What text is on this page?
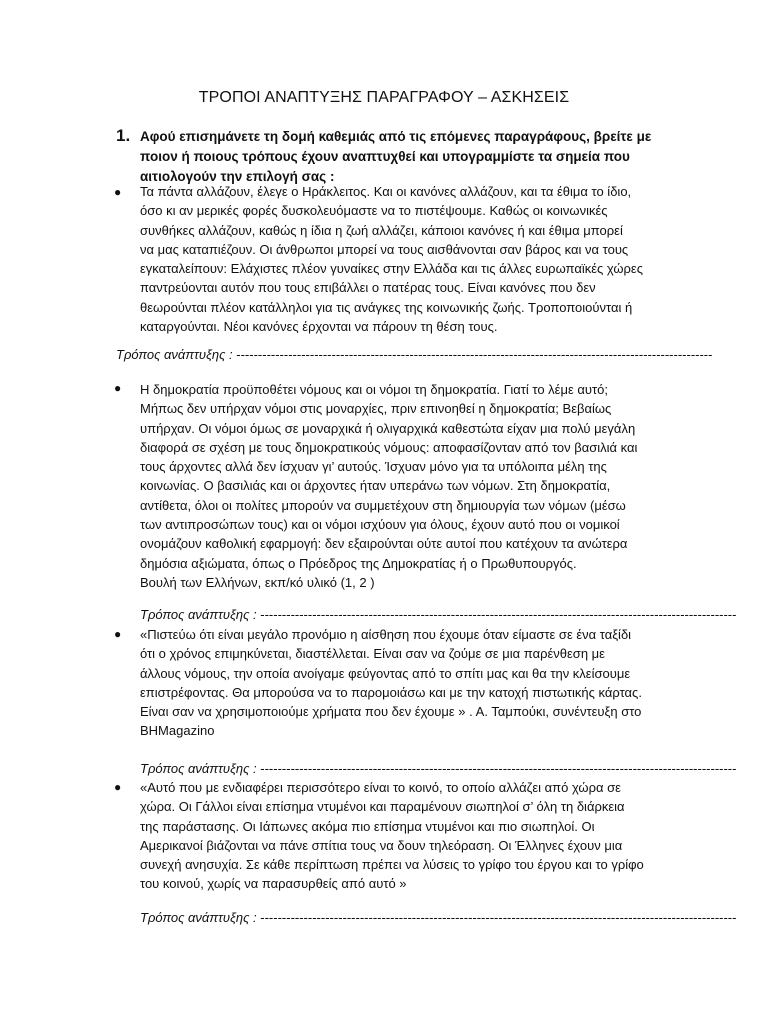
ΤΡΟΠΟΙ ΑΝΑΠΤΥΞΗΣ ΠΑΡΑΓΡΑΦΟΥ – ΑΣΚΗΣΕΙΣ
1. Αφού επισημάνετε τη δομή καθεμιάς από τις επόμενες παραγράφους, βρείτε με
ποιον ή ποιους τρόπους έχουν αναπτυχθεί και υπογραμμίστε τα σημεία που
αιτιολογούν την επιλογή σας :
● Τα πάντα αλλάζουν, έλεγε ο Ηράκλειτος. Και οι κανόνες αλλάζουν, και τα έθιμα το ίδιο,
όσο κι αν μερικές φορές δυσκολευόμαστε να το πιστέψουμε. Καθώς οι κοινωνικές
συνθήκες αλλάζουν, καθώς η ίδια η ζωή αλλάζει, κάποιοι κανόνες ή και έθιμα μπορεί
να μας καταπιέζουν. Οι άνθρωποι μπορεί να τους αισθάνονται σαν βάρος και να τους
εγκαταλείπουν: Ελάχιστες πλέον γυναίκες στην Ελλάδα και τις άλλες ευρωπαϊκές χώρες
παντρεύονται αυτόν που τους επιβάλλει ο πατέρας τους. Είναι κανόνες που δεν
θεωρούνται πλέον κατάλληλοι για τις ανάγκες της κοινωνικής ζωής. Τροποποιούνται ή
καταργούνται. Νέοι κανόνες έρχονται να πάρουν τη θέση τους.
Τρόπος ανάπτυξης : --------------------------------------------------------------------------------------------------------------
● Η δημοκρατία προϋποθέτει νόμους και οι νόμοι τη δημοκρατία. Γιατί το λέμε αυτό;
Μήπως δεν υπήρχαν νόμοι στις μοναρχίες, πριν επινοηθεί η δημοκρατία; Βεβαίως
υπήρχαν. Οι νόμοι όμως σε μοναρχικά ή ολιγαρχικά καθεστώτα είχαν μια πολύ μεγάλη
διαφορά σε σχέση με τους δημοκρατικούς νόμους: αποφασίζονταν από τον βασιλιά και
τους άρχοντες αλλά δεν ίσχυαν γι’ αυτούς. Ίσχυαν μόνο για τα υπόλοιπα μέλη της
κοινωνίας. Ο βασιλιάς και οι άρχοντες ήταν υπεράνω των νόμων. Στη δημοκρατία,
αντίθετα, όλοι οι πολίτες μπορούν να συμμετέχουν στη δημιουργία των νόμων (μέσω
των αντιπροσώπων τους) και οι νόμοι ισχύουν για όλους, έχουν αυτό που οι νομικοί
ονομάζουν καθολική εφαρμογή: δεν εξαιρούνται ούτε αυτοί που κατέχουν τα ανώτερα
δημόσια αξιώματα, όπως ο Πρόεδρος της Δημοκρατίας ή ο Πρωθυπουργός.
Βουλή των Ελλήνων, εκπ/κό υλικό (1, 2 )
Τρόπος ανάπτυξης : --------------------------------------------------------------------------------------------------------------
● «Πιστεύω ότι είναι μεγάλο προνόμιο η αίσθηση που έχουμε όταν είμαστε σε ένα ταξίδι
ότι ο χρόνος επιμηκύνεται, διαστέλλεται. Είναι σαν να ζούμε σε μια παρένθεση με
άλλους νόμους, την οποία ανοίγαμε φεύγοντας από το σπίτι μας και θα την κλείσουμε
επιστρέφοντας. Θα μπορούσα να το παρομοιάσω και με την κατοχή πιστωτικής κάρτας.
Είναι σαν να χρησιμοποιούμε χρήματα που δεν έχουμε » . Α. Ταμπούκι, συνέντευξη στο
BHMagazino
Τρόπος ανάπτυξης : --------------------------------------------------------------------------------------------------------------
● «Αυτό που με ενδιαφέρει περισσότερο είναι το κοινό, το οποίο αλλάζει από χώρα σε
χώρα. Οι Γάλλοι είναι επίσημα ντυμένοι και παραμένουν σιωπηλοί σ’ όλη τη διάρκεια
της παράστασης. Οι Ιάπωνες ακόμα πιο επίσημα ντυμένοι και πιο σιωπηλοί. Οι
Αμερικανοί βιάζονται να πάνε σπίτια τους να δουν τηλεόραση. Οι Έλληνες έχουν μια
συνεχή ανησυχία. Σε κάθε περίπτωση πρέπει να λύσεις το γρίφο του έργου και το γρίφο
του κοινού, χωρίς να παρασυρθείς από αυτό »
Τρόπος ανάπτυξης : --------------------------------------------------------------------------------------------------------------
